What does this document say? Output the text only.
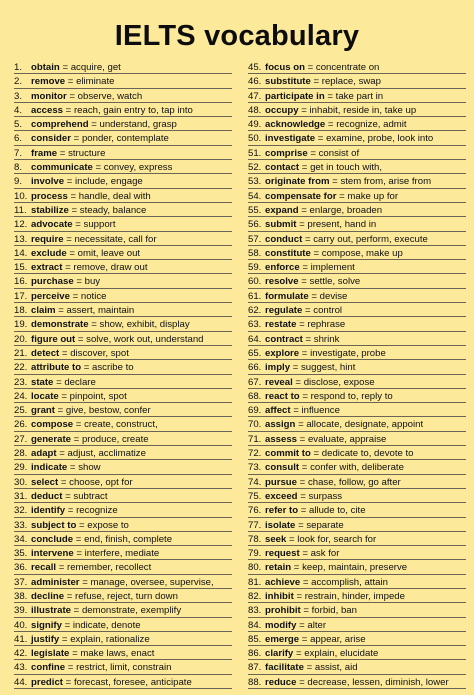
IELTS vocabulary
1. obtain = acquire, get
2. remove = eliminate
3. monitor = observe, watch
4. access = reach, gain entry to, tap into
5. comprehend = understand, grasp
6. consider = ponder, contemplate
7. frame = structure
8. communicate = convey, express
9. involve = include, engage
10. process = handle, deal with
11. stabilize = steady, balance
12. advocate = support
13. require = necessitate, call for
14. exclude = omit, leave out
15. extract = remove, draw out
16. purchase = buy
17. perceive = notice
18. claim = assert, maintain
19. demonstrate = show, exhibit, display
20. figure out = solve, work out, understand
21. detect = discover, spot
22. attribute to = ascribe to
23. state = declare
24. locate = pinpoint, spot
25. grant = give, bestow, confer
26. compose = create, construct,
27. generate = produce, create
28. adapt = adjust, acclimatize
29. indicate = show
30. select = choose, opt for
31. deduct = subtract
32. identify = recognize
33. subject to = expose to
34. conclude = end, finish, complete
35. intervene = interfere, mediate
36. recall = remember, recollect
37. administer = manage, oversee, supervise,
38. decline = refuse, reject, turn down
39. illustrate = demonstrate, exemplify
40. signify = indicate, denote
41. justify = explain, rationalize
42. legislate = make laws, enact
43. confine = restrict, limit, constrain
44. predict = forecast, foresee, anticipate
45. focus on = concentrate on
46. substitute = replace, swap
47. participate in = take part in
48. occupy = inhabit, reside in, take up
49. acknowledge = recognize, admit
50. investigate = examine, probe, look into
51. comprise = consist of
52. contact = get in touch with,
53. originate from = stem from, arise from
54. compensate for = make up for
55. expand = enlarge, broaden
56. submit = present, hand in
57. conduct = carry out, perform, execute
58. constitute = compose, make up
59. enforce = implement
60. resolve = settle, solve
61. formulate = devise
62. regulate = control
63. restate = rephrase
64. contract = shrink
65. explore = investigate, probe
66. imply = suggest, hint
67. reveal = disclose, expose
68. react to = respond to, reply to
69. affect = influence
70. assign = allocate, designate, appoint
71. assess = evaluate, appraise
72. commit to = dedicate to, devote to
73. consult = confer with, deliberate
74. pursue = chase, follow, go after
75. exceed = surpass
76. refer to = allude to, cite
77. isolate = separate
78. seek = look for, search for
79. request = ask for
80. retain = keep, maintain, preserve
81. achieve = accomplish, attain
82. inhibit = restrain, hinder, impede
83. prohibit = forbid, ban
84. modify = alter
85. emerge = appear, arise
86. clarify = explain, elucidate
87. facilitate = assist, aid
88. reduce = decrease, lessen, diminish, lower
